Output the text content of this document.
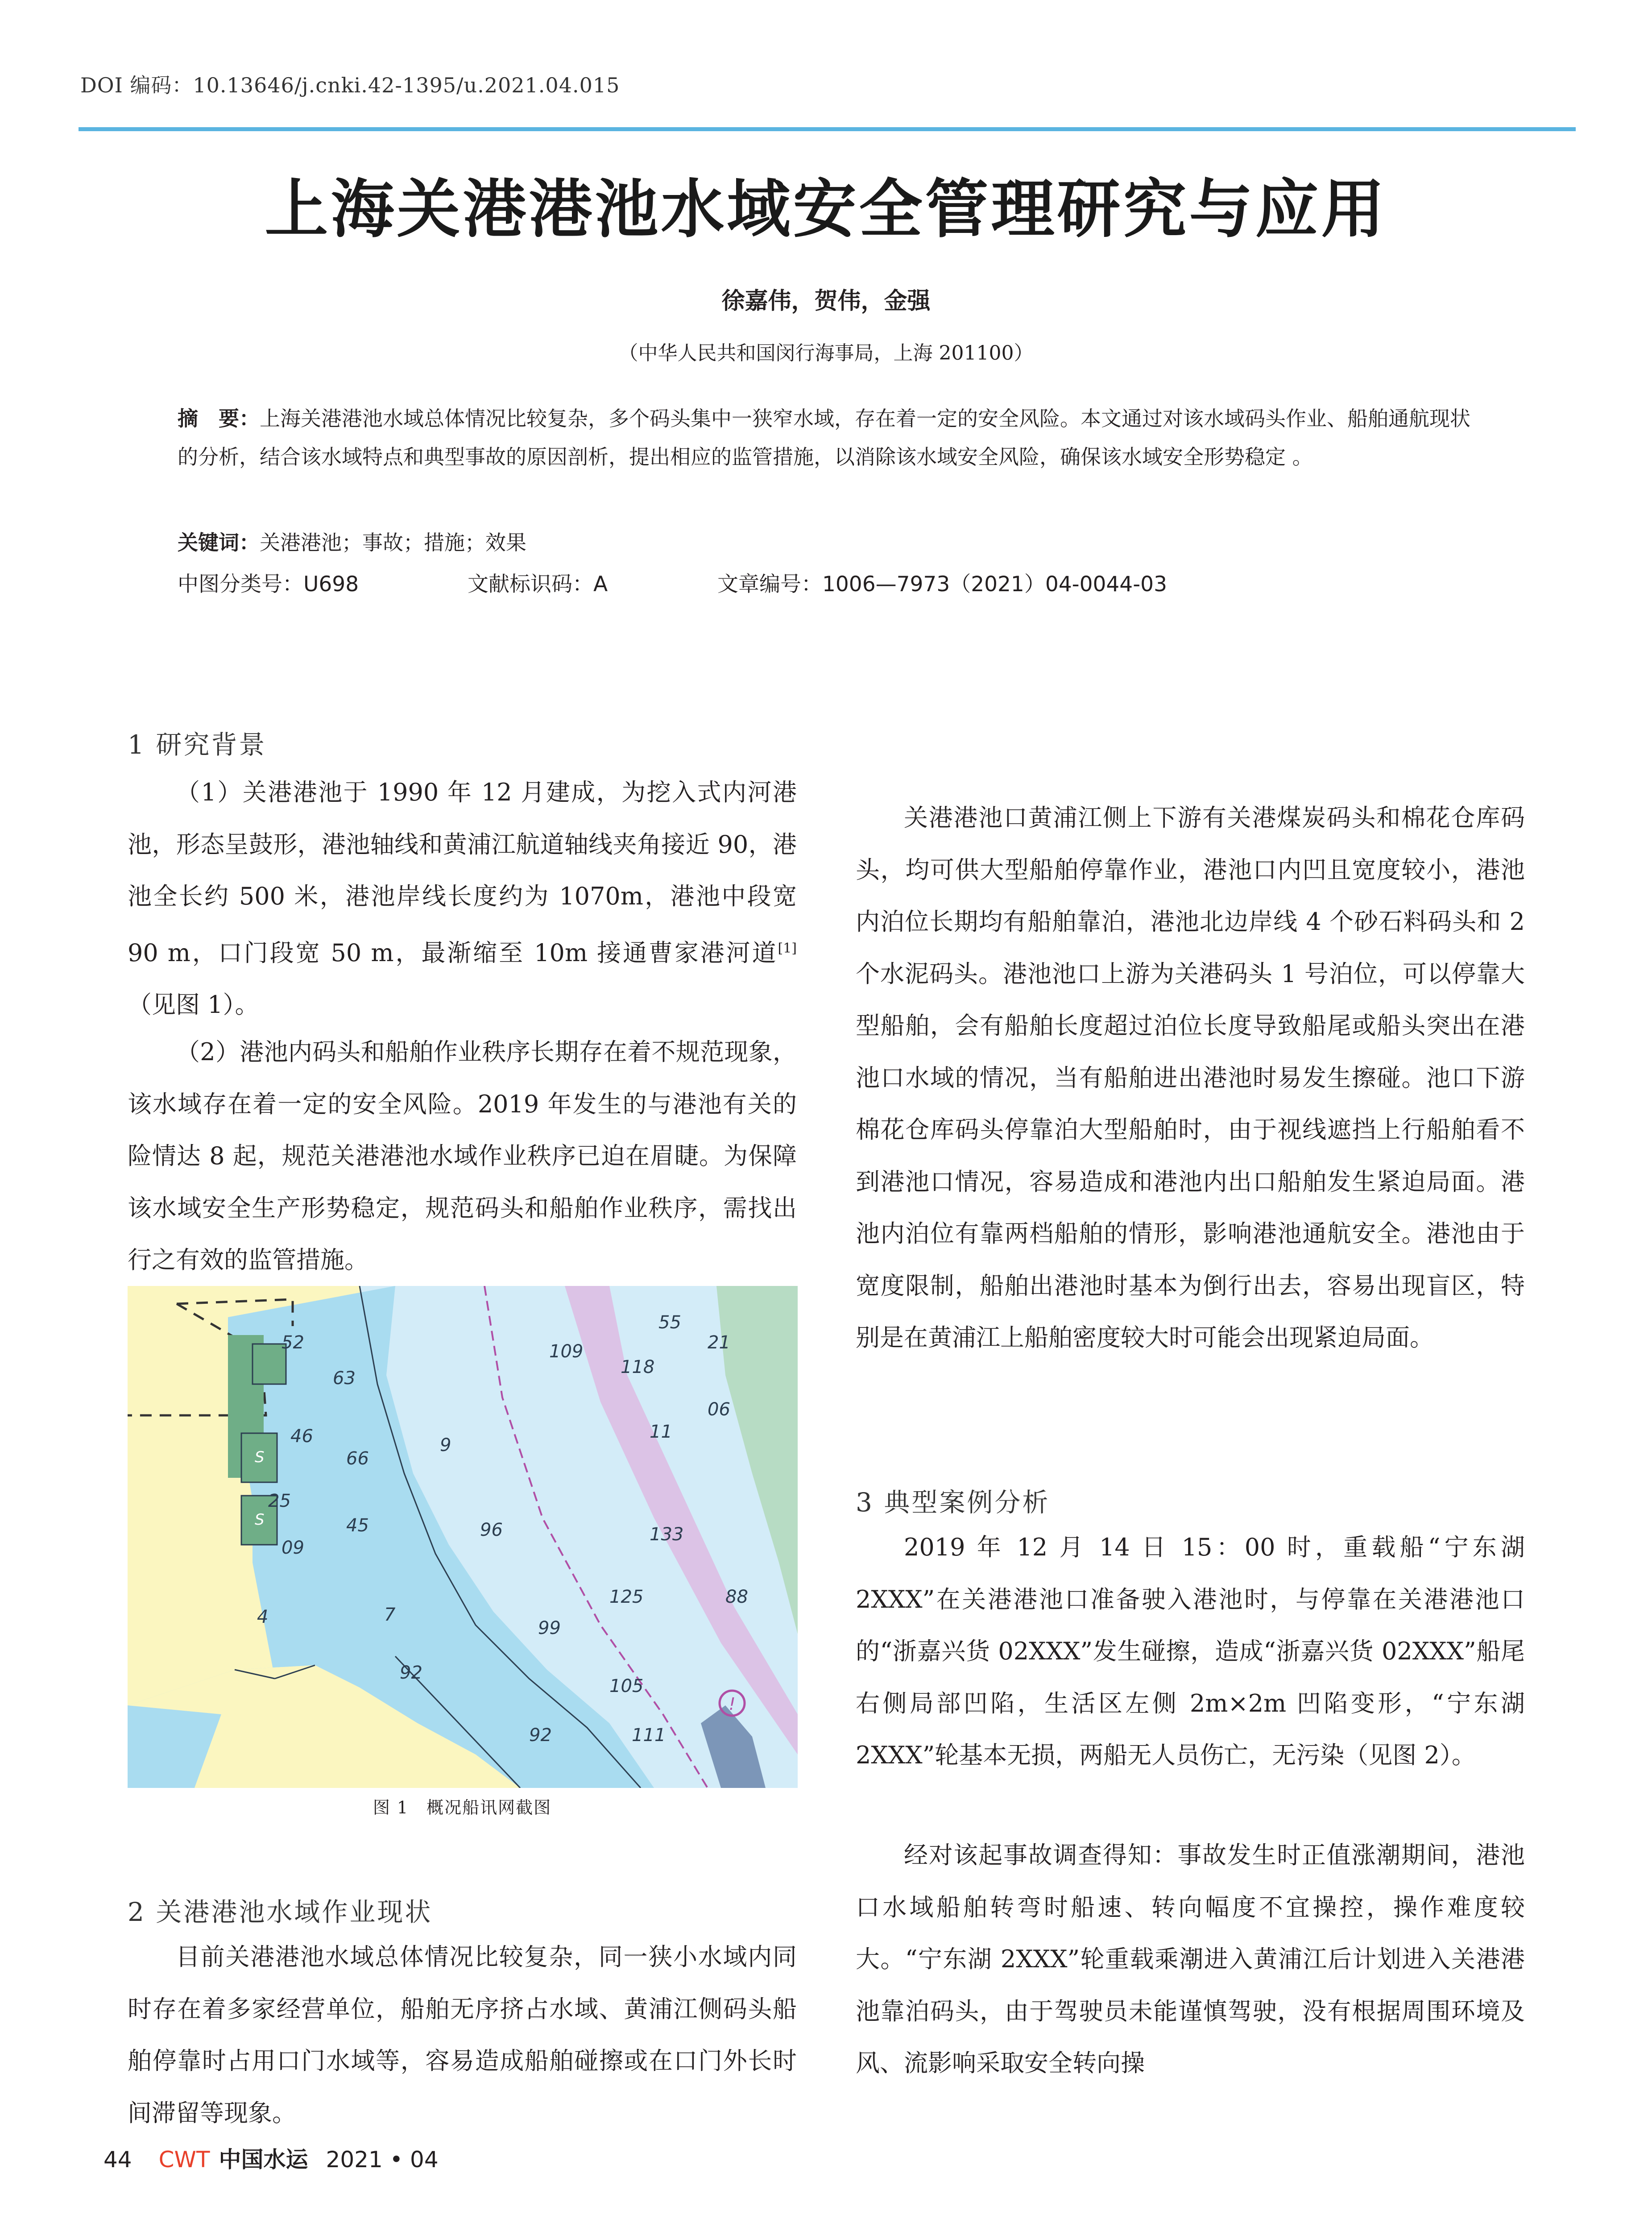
DOI 编码：10.13646/j.cnki.42-1395/u.2021.04.015
上海关港港池水域安全管理研究与应用
徐嘉伟，贺伟，金强
（中华人民共和国闵行海事局，上海 201100）
摘　要：上海关港港池水域总体情况比较复杂，多个码头集中一狭窄水域，存在着一定的安全风险。本文通过对该水域码头作业、船舶通航现状的分析，结合该水域特点和典型事故的原因剖析，提出相应的监管措施，以消除该水域安全风险，确保该水域安全形势稳定 。
关键词：关港港池；事故；措施；效果
中图分类号：U698	文献标识码：A	文章编号：1006—7973（2021）04-0044-03
1 研究背景
（1）关港港池于 1990 年 12 月建成，为挖入式内河港池，形态呈鼓形，港池轴线和黄浦江航道轴线夹角接近 90，港池全长约 500 米，港池岸线长度约为 1070m，港池中段宽 90 m，口门段宽 50 m，最渐缩至 10m 接通曹家港河道[1]（见图 1）。
（2）港池内码头和船舶作业秩序长期存在着不规范现象，该水域存在着一定的安全风险。2019 年发生的与港池有关的险情达 8 起，规范关港港池水域作业秩序已迫在眉睫。为保障该水域安全生产形势稳定，规范码头和船舶作业秩序，需找出行之有效的监管措施。
!
S
S
55
52
63
109	21
118
06
46
66
9
11
45	96	133
25
09
4	7
125	88
99
92
105
92	111
图 1　概况船讯网截图
2 关港港池水域作业现状
目前关港港池水域总体情况比较复杂，同一狭小水域内同时存在着多家经营单位，船舶无序挤占水域、黄浦江侧码头船舶停靠时占用口门水域等，容易造成船舶碰擦或在口门外长时间滞留等现象。
关港港池口黄浦江侧上下游有关港煤炭码头和棉花仓库码头，均可供大型船舶停靠作业，港池口内凹且宽度较小，港池内泊位长期均有船舶靠泊，港池北边岸线 4 个砂石料码头和 2 个水泥码头。港池池口上游为关港码头 1 号泊位，可以停靠大型船舶，会有船舶长度超过泊位长度导致船尾或船头突出在港池口水域的情况，当有船舶进出港池时易发生擦碰。池口下游棉花仓库码头停靠泊大型船舶时，由于视线遮挡上行船舶看不到港池口情况，容易造成和港池内出口船舶发生紧迫局面。港池内泊位有靠两档船舶的情形，影响港池通航安全。港池由于宽度限制，船舶出港池时基本为倒行出去，容易出现盲区，特别是在黄浦江上船舶密度较大时可能会出现紧迫局面。
3 典型案例分析
2019 年 12 月 14 日 15：00 时，重载船“宁东湖 2XXX”在关港港池口准备驶入港池时，与停靠在关港港池口的“浙嘉兴货 02XXX”发生碰擦，造成“浙嘉兴货 02XXX”船尾右侧局部凹陷，生活区左侧 2m×2m 凹陷变形，“宁东湖 2XXX”轮基本无损，两船无人员伤亡，无污染（见图 2）。
经对该起事故调查得知：事故发生时正值涨潮期间，港池口水域船舶转弯时船速、转向幅度不宜操控，操作难度较大。“宁东湖 2XXX”轮重载乘潮进入黄浦江后计划进入关港港池靠泊码头，由于驾驶员未能谨慎驾驶，没有根据周围环境及风、流影响采取安全转向操
44 CWT 中国水运 2021 • 04
